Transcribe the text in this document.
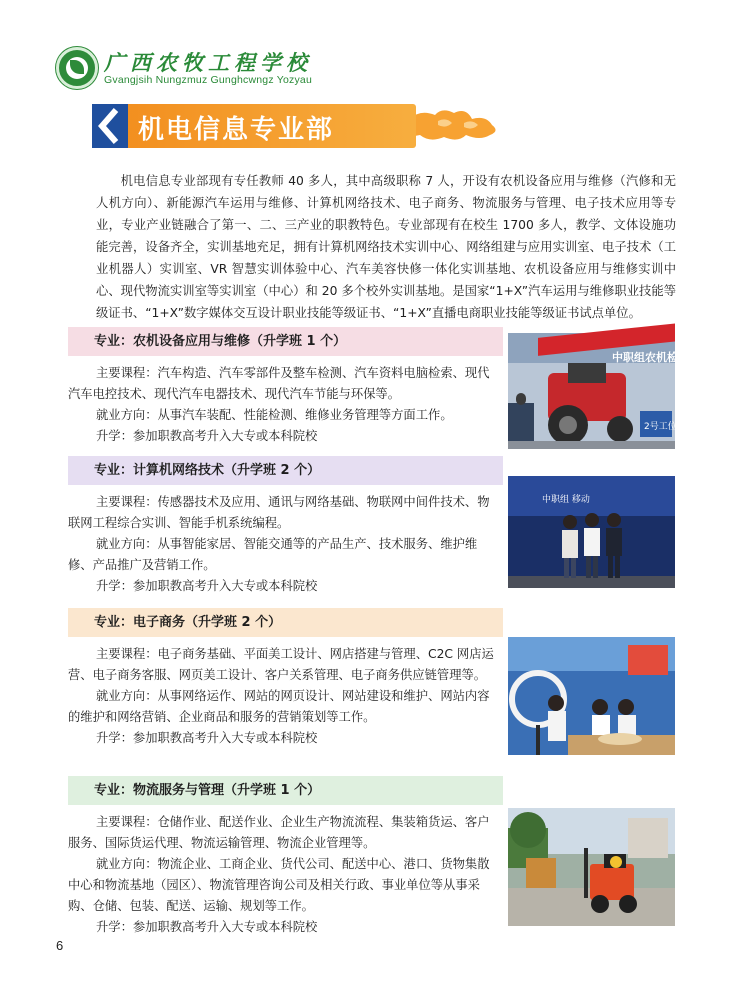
广西农牧工程学校
Gvangjsih Nungzmuz Gunghcwngz Yozyau
机电信息专业部
机电信息专业部现有专任教师 40 多人，其中高级职称 7 人，开设有农机设备应用与维修（汽修和无人机方向）、新能源汽车运用与维修、计算机网络技术、电子商务、物流服务与管理、电子技术应用等专业，专业产业链融合了第一、二、三产业的职教特色。专业部现有在校生 1700 多人，教学、文体设施功能完善，设备齐全，实训基地充足，拥有计算机网络技术实训中心、网络组建与应用实训室、电子技术（工业机器人）实训室、VR 智慧实训体验中心、汽车美容快修一体化实训基地、农机设备应用与维修实训中心、现代物流实训室等实训室（中心）和 20 多个校外实训基地。是国家“1+X”汽车运用与维修职业技能等级证书、“1+X”数字媒体交互设计职业技能等级证书、“1+X”直播电商职业技能等级证书试点单位。
专业：农机设备应用与维修（升学班 1 个）

主要课程：汽车构造、汽车零部件及整车检测、汽车资料电脑检索、现代汽车电控技术、现代汽车电器技术、现代汽车节能与环保等。

就业方向：从事汽车装配、性能检测、维修业务管理等方面工作。

升学：参加职教高考升入大专或本科院校

中职组农机检修
2号工位
专业：计算机网络技术（升学班 2 个）

主要课程：传感器技术及应用、通讯与网络基础、物联网中间件技术、物联网工程综合实训、智能手机系统编程。

就业方向：从事智能家居、智能交通等的产品生产、技术服务、维护维修、产品推广及营销工作。

升学：参加职教高考升入大专或本科院校

中职组 移动
专业：电子商务（升学班 2 个）

主要课程：电子商务基础、平面美工设计、网店搭建与管理、C2C 网店运营、电子商务客服、网页美工设计、客户关系管理、电子商务供应链管理等。

就业方向：从事网络运作、网站的网页设计、网站建设和维护、网站内容的维护和网络营销、企业商品和服务的营销策划等工作。

升学：参加职教高考升入大专或本科院校

专业：物流服务与管理（升学班 1 个）

主要课程：仓储作业、配送作业、企业生产物流流程、集装箱货运、客户服务、国际货运代理、物流运输管理、物流企业管理等。

就业方向：物流企业、工商企业、货代公司、配送中心、港口、货物集散中心和物流基地（园区）、物流管理咨询公司及相关行政、事业单位等从事采购、仓储、包装、配送、运输、规划等工作。

升学：参加职教高考升入大专或本科院校

6
